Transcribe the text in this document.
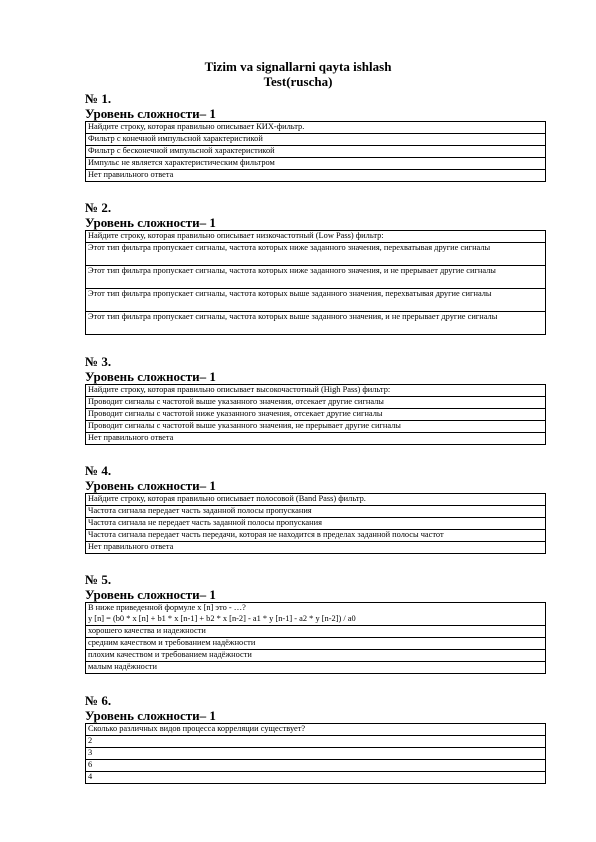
Tizim va signallarni qayta ishlash
Test(ruscha)
№ 1.
Уровень сложности– 1
Найдите строку, которая правильно описывает КИХ-фильтр.
Фильтр с конечной импульсной характеристикой
Фильтр с бесконечной импульсной характеристикой
Импульс не является характеристическим фильтром
Нет правильного ответа
№ 2.
Уровень сложности– 1
Найдите строку, которая правильно описывает низкочастотный (Low Pass) фильтр:
Этот тип фильтра пропускает сигналы, частота которых ниже заданного значения, перехватывая другие сигналы
Этот тип фильтра пропускает сигналы, частота которых ниже заданного значения, и не прерывает другие сигналы
Этот тип фильтра пропускает сигналы, частота которых выше заданного значения, перехватывая другие сигналы
Этот тип фильтра пропускает сигналы, частота которых выше заданного значения, и не прерывает другие сигналы
№ 3.
Уровень сложности– 1
Найдите строку, которая правильно описывает высокочастотный (High Pass) фильтр:
Проводит сигналы с частотой выше указанного значения, отсекает другие сигналы
Проводит сигналы с частотой ниже указанного значения, отсекает другие сигналы
Проводит сигналы с частотой выше указанного значения, не прерывает другие сигналы
Нет правильного ответа
№ 4.
Уровень сложности– 1
Найдите строку, которая правильно описывает полосовой (Band Pass) фильтр.
Частота сигнала передает часть заданной полосы пропускания
Частота сигнала не передает часть заданной полосы пропускания
Частота сигнала передает часть передачи, которая не находится в пределах заданной полосы частот
Нет правильного ответа
№ 5.
Уровень сложности– 1
В ниже приведенной формуле x [n] это - …?
y [n] = (b0 * x [n] + b1 * x [n-1] + b2 * x [n-2] - a1 * y [n-1] - a2 * y [n-2]) / a0
хорошего качества и надежности
средним качеством и требованием надёжности
плохим качеством и требованием надёжности
малым надёжности
№ 6.
Уровень сложности– 1
Сколько различных видов процесса корреляции существует?
2
3
6
4
